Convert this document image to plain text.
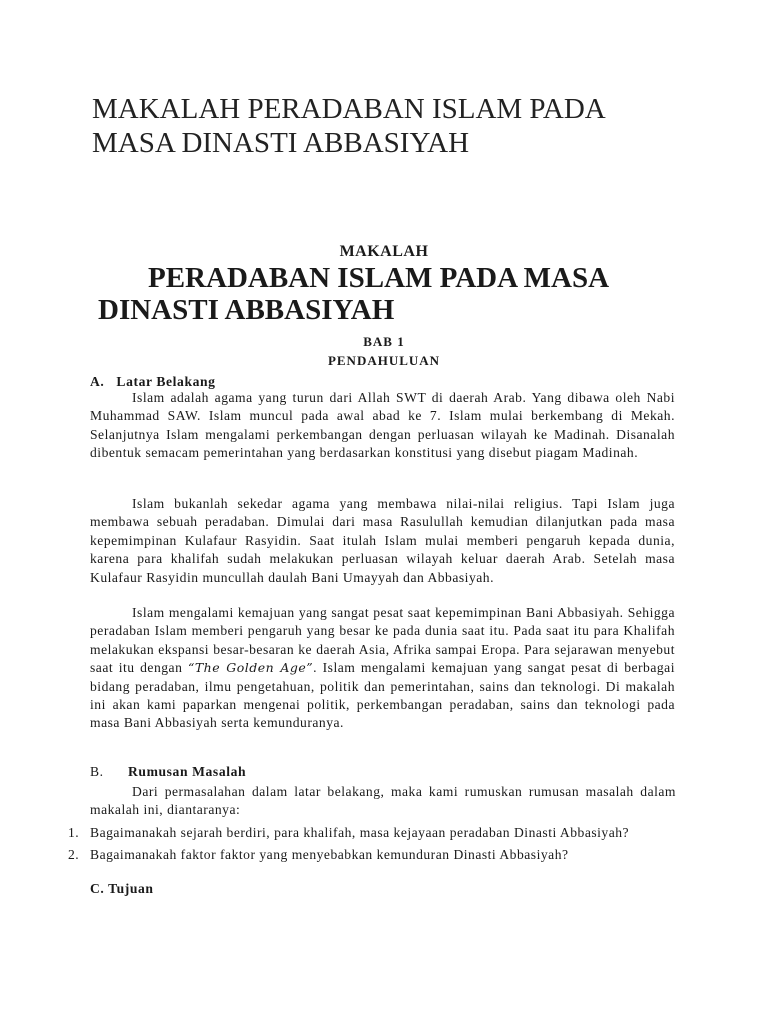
MAKALAH PERADABAN ISLAM PADA
MASA DINASTI ABBASIYAH
MAKALAH
PERADABAN ISLAM PADA MASA
DINASTI ABBASIYAH
BAB 1
PENDAHULUAN
A.   Latar Belakang

Islam adalah agama yang turun dari Allah SWT di daerah Arab. Yang dibawa oleh Nabi Muhammad SAW. Islam muncul pada awal abad ke 7. Islam mulai berkembang di Mekah. Selanjutnya Islam mengalami perkembangan dengan perluasan wilayah ke Madinah. Disanalah dibentuk semacam pemerintahan yang berdasarkan konstitusi yang disebut piagam Madinah.

Islam bukanlah sekedar agama yang membawa nilai-nilai religius. Tapi Islam juga membawa sebuah peradaban. Dimulai dari masa Rasulullah kemudian dilanjutkan pada masa kepemimpinan Kulafaur Rasyidin. Saat itulah Islam mulai memberi pengaruh kepada dunia, karena para khalifah sudah melakukan perluasan wilayah keluar daerah Arab. Setelah masa Kulafaur Rasyidin muncullah daulah Bani Umayyah dan Abbasiyah.

Islam mengalami kemajuan yang sangat pesat saat kepemimpinan Bani Abbasiyah. Sehigga peradaban Islam memberi pengaruh yang besar ke pada dunia saat itu. Pada saat itu para Khalifah melakukan ekspansi besar-besaran ke daerah Asia, Afrika sampai Eropa. Para sejarawan menyebut saat itu dengan “The Golden Age”. Islam mengalami kemajuan yang sangat pesat di berbagai bidang peradaban, ilmu pengetahuan, politik dan pemerintahan, sains dan teknologi. Di makalah ini akan kami paparkan mengenai politik, perkembangan peradaban, sains dan teknologi pada masa Bani Abbasiyah serta kemunduranya.

B. Rumusan Masalah

Dari permasalahan dalam latar belakang, maka kami rumuskan rumusan masalah dalam makalah ini, diantaranya:

1. Bagaimanakah sejarah berdiri, para khalifah, masa kejayaan peradaban Dinasti Abbasiyah?
2. Bagaimanakah faktor faktor yang menyebabkan kemunduran Dinasti Abbasiyah?
C. Tujuan
